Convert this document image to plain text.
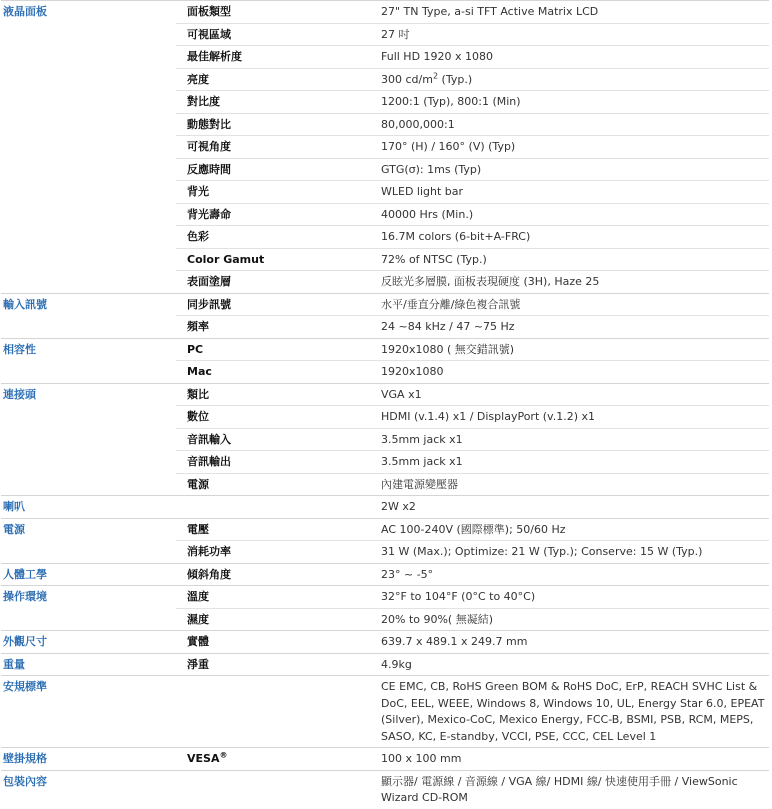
液晶面板	面板類型	27" TN Type, a-si TFT Active Matrix LCD
	可視區域	27 吋
	最佳解析度	Full HD 1920 x 1080
	亮度	300 $cd/m^2$ (Typ.)
	對比度	1200:1 (Typ), 800:1 (Min)
	動態對比	80,000,000:1
	可視角度	170° (H) / 160° (V) (Typ)
	反應時間	GTG(σ): 1ms (Typ)
	背光	WLED light bar
	背光壽命	40000 Hrs (Min.)
	色彩	16.7M colors (6-bit+A-FRC)
	Color Gamut	72% of NTSC (Typ.)
	表面塗層	反眩光多層膜, 面板表現硬度 (3H), Haze 25
輸入訊號	同步訊號	水平/垂直分離/綠色複合訊號
	頻率	24 ~84 kHz / 47 ~75 Hz
相容性	PC	1920x1080 ( 無交錯訊號)
	Mac	1920x1080
連接頭	類比	VGA x1
	數位	HDMI (v.1.4) x1 / DisplayPort (v.1.2) x1
	音訊輸入	3.5mm jack x1
	音訊輸出	3.5mm jack x1
	電源	內建電源變壓器
喇叭		2W x2
電源	電壓	AC 100-240V (國際標準); 50/60 Hz
	消耗功率	31 W (Max.); Optimize: 21 W (Typ.); Conserve: 15 W (Typ.)
人體工學	傾斜角度	23° ~ -5°
操作環境	溫度	32°F to 104°F (0°C to 40°C)
	濕度	20% to 90%( 無凝結)
外觀尺寸	實體	639.7 x 489.1 x 249.7 mm
重量	淨重	4.9kg
安規標準		CE EMC, CB, RoHS Green BOM & RoHS DoC, ErP, REACH SVHC List & DoC, EEL, WEEE, Windows 8, Windows 10, UL, Energy Star 6.0, EPEAT (Silver), Mexico-CoC, Mexico Energy, FCC-B, BSMI, PSB, RCM, MEPS, SASO, KC, E-standby, VCCI, PSE, CCC, CEL Level 1
壁掛規格	VESA®	100 x 100 mm
包裝內容		顯示器/ 電源線 / 音源線 / VGA 線/ HDMI 線/ 快速使用手冊 / ViewSonic Wizard CD-ROM
